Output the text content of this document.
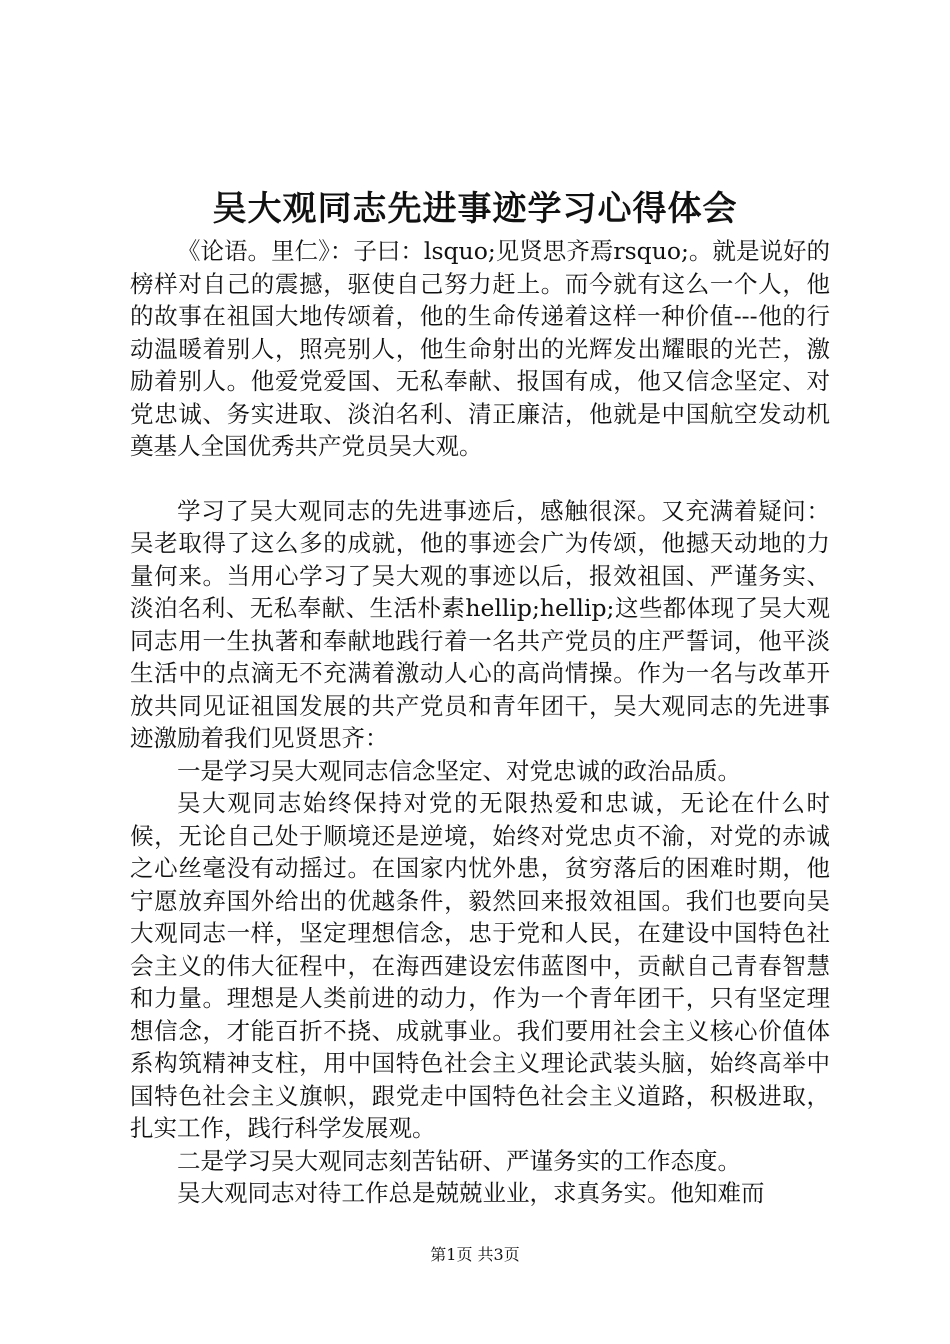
吴大观同志先进事迹学习心得体会

《论语。里仁》：子曰：lsquo;见贤思齐焉rsquo;。就是说好的榜样对自己的震撼，驱使自己努力赶上。而今就有这么一个人，他的故事在祖国大地传颂着，他的生命传递着这样一种价值---他的行动温暖着别人，照亮别人，他生命射出的光辉发出耀眼的光芒，激励着别人。他爱党爱国、无私奉献、报国有成，他又信念坚定、对党忠诚、务实进取、淡泊名利、清正廉洁，他就是中国航空发动机奠基人全国优秀共产党员吴大观。

学习了吴大观同志的先进事迹后，感触很深。又充满着疑问：吴老取得了这么多的成就，他的事迹会广为传颂，他撼天动地的力量何来。当用心学习了吴大观的事迹以后，报效祖国、严谨务实、淡泊名利、无私奉献、生活朴素hellip;hellip;这些都体现了吴大观同志用一生执著和奉献地践行着一名共产党员的庄严誓词，他平淡生活中的点滴无不充满着激动人心的高尚情操。作为一名与改革开放共同见证祖国发展的共产党员和青年团干，吴大观同志的先进事迹激励着我们见贤思齐：

一是学习吴大观同志信念坚定、对党忠诚的政治品质。

吴大观同志始终保持对党的无限热爱和忠诚，无论在什么时候，无论自己处于顺境还是逆境，始终对党忠贞不渝，对党的赤诚之心丝毫没有动摇过。在国家内忧外患，贫穷落后的困难时期，他宁愿放弃国外给出的优越条件，毅然回来报效祖国。我们也要向吴大观同志一样，坚定理想信念，忠于党和人民，在建设中国特色社会主义的伟大征程中，在海西建设宏伟蓝图中，贡献自己青春智慧和力量。理想是人类前进的动力，作为一个青年团干，只有坚定理想信念，才能百折不挠、成就事业。我们要用社会主义核心价值体系构筑精神支柱，用中国特色社会主义理论武装头脑，始终高举中国特色社会主义旗帜，跟党走中国特色社会主义道路，积极进取，扎实工作，践行科学发展观。

二是学习吴大观同志刻苦钻研、严谨务实的工作态度。

吴大观同志对待工作总是兢兢业业，求真务实。他知难而

第1页 共3页
